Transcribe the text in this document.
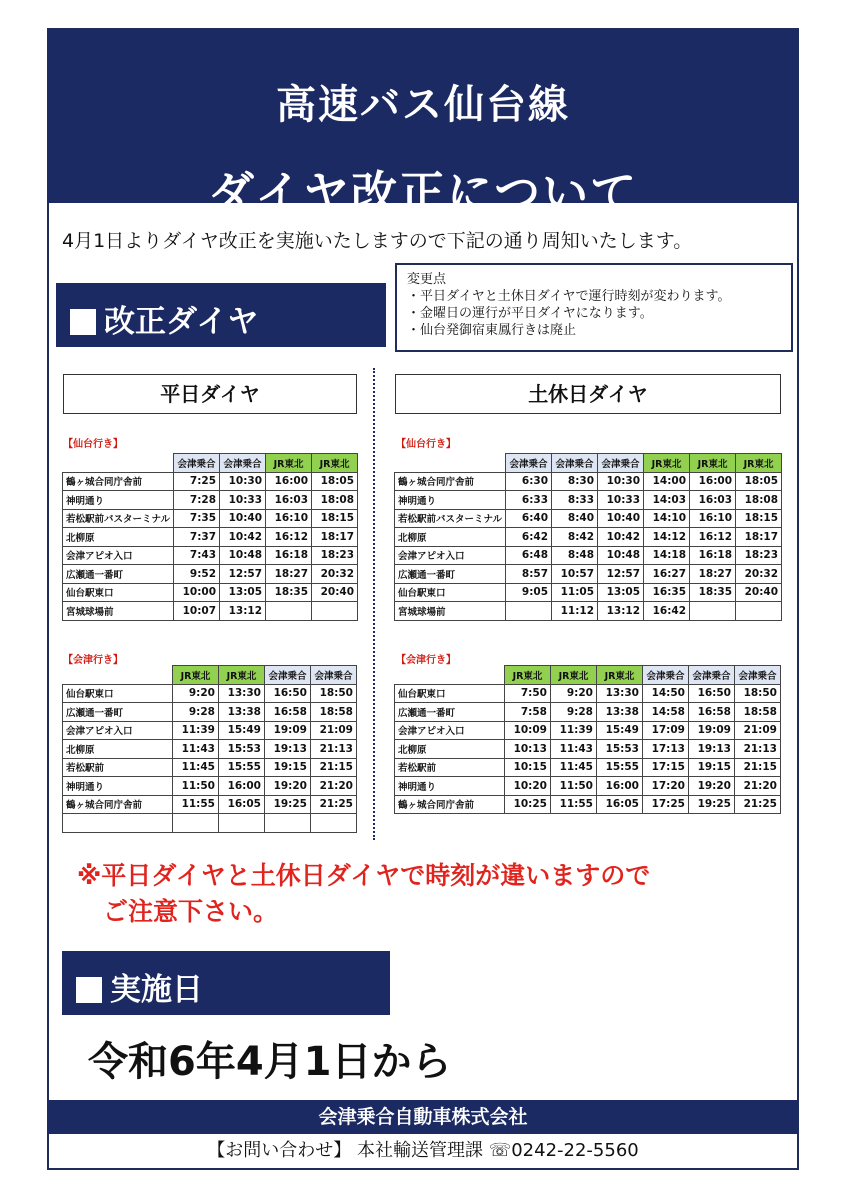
高速バス仙台線
ダイヤ改正について
4月1日よりダイヤ改正を実施いたしますので下記の通り周知いたします。
改正ダイヤ
変更点
・平日ダイヤと土休日ダイヤで運行時刻が変わります。
・金曜日の運行が平日ダイヤになります。
・仙台発御宿東鳳行きは廃止
平日ダイヤ	土休日ダイヤ
【仙台行き】
	会津乗合	会津乗合	JR東北	JR東北
鶴ヶ城合同庁舎前	7:25	10:30	16:00	18:05
神明通り	7:28	10:33	16:03	18:08
若松駅前バスターミナル	7:35	10:40	16:10	18:15
北柳原	7:37	10:42	16:12	18:17
会津アピオ入口	7:43	10:48	16:18	18:23
広瀬通一番町	9:52	12:57	18:27	20:32
仙台駅東口	10:00	13:05	18:35	20:40
宮城球場前	10:07	13:12		
【会津行き】
	JR東北	JR東北	会津乗合	会津乗合
仙台駅東口	9:20	13:30	16:50	18:50
広瀬通一番町	9:28	13:38	16:58	18:58
会津アピオ入口	11:39	15:49	19:09	21:09
北柳原	11:43	15:53	19:13	21:13
若松駅前	11:45	15:55	19:15	21:15
神明通り	11:50	16:00	19:20	21:20
鶴ヶ城合同庁舎前	11:55	16:05	19:25	21:25

【仙台行き】
	会津乗合	会津乗合	会津乗合	JR東北	JR東北	JR東北
鶴ヶ城合同庁舎前	6:30	8:30	10:30	14:00	16:00	18:05
神明通り	6:33	8:33	10:33	14:03	16:03	18:08
若松駅前バスターミナル	6:40	8:40	10:40	14:10	16:10	18:15
北柳原	6:42	8:42	10:42	14:12	16:12	18:17
会津アピオ入口	6:48	8:48	10:48	14:18	16:18	18:23
広瀬通一番町	8:57	10:57	12:57	16:27	18:27	20:32
仙台駅東口	9:05	11:05	13:05	16:35	18:35	20:40
宮城球場前		11:12	13:12	16:42		
【会津行き】
	JR東北	JR東北	JR東北	会津乗合	会津乗合	会津乗合
仙台駅東口	7:50	9:20	13:30	14:50	16:50	18:50
広瀬通一番町	7:58	9:28	13:38	14:58	16:58	18:58
会津アピオ入口	10:09	11:39	15:49	17:09	19:09	21:09
北柳原	10:13	11:43	15:53	17:13	19:13	21:13
若松駅前	10:15	11:45	15:55	17:15	19:15	21:15
神明通り	10:20	11:50	16:00	17:20	19:20	21:20
鶴ヶ城合同庁舎前	10:25	11:55	16:05	17:25	19:25	21:25
※平日ダイヤと土休日ダイヤで時刻が違いますので
ご注意下さい。
実施日
令和6年4月1日から
会津乗合自動車株式会社
【お問い合わせ】 本社輸送管理課 ☏0242-22-5560
